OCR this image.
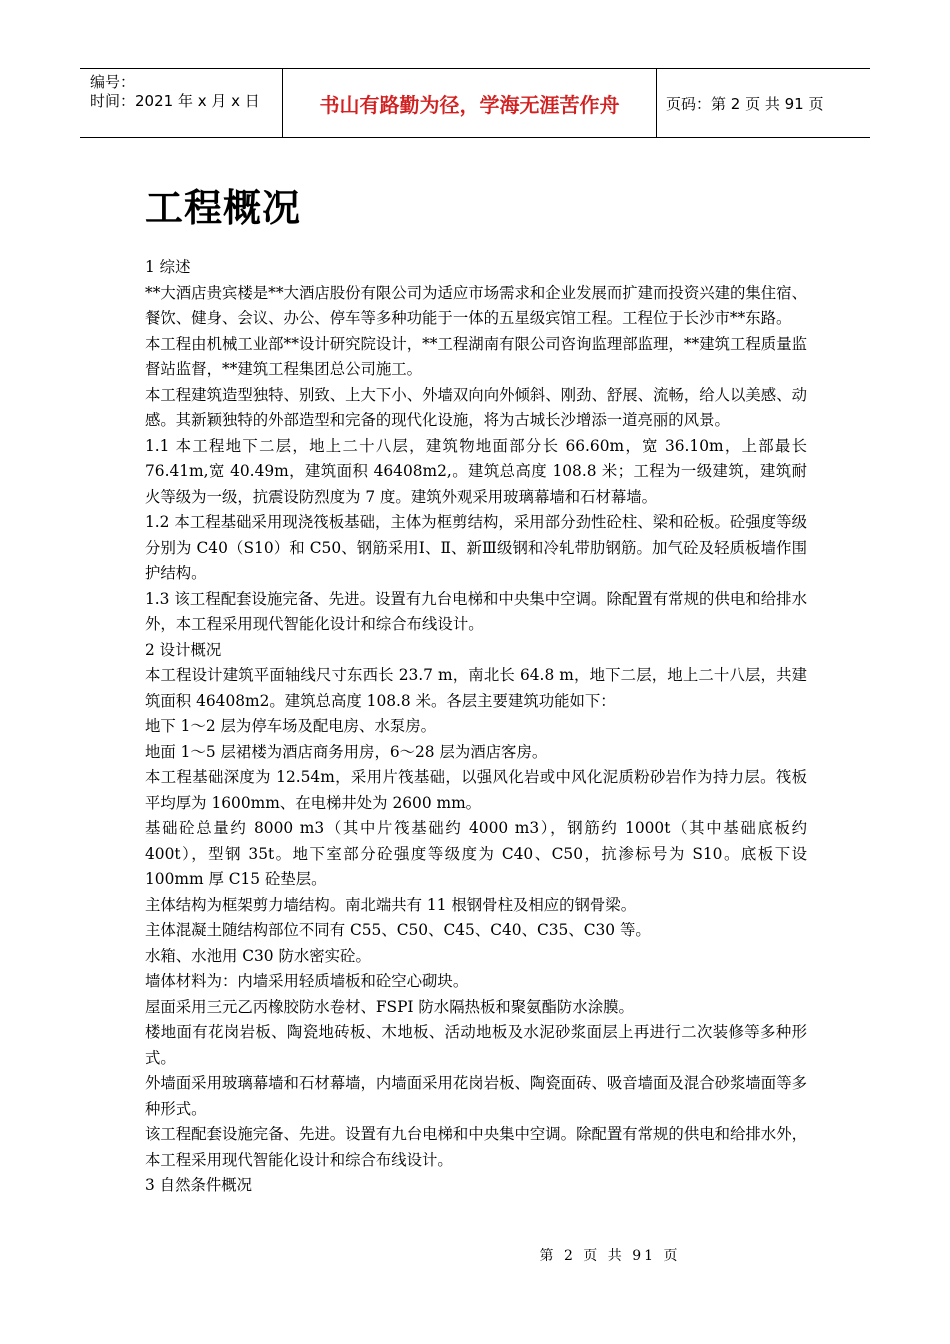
编号：
时间：2021 年 x 月 x 日	书山有路勤为径，学海无涯苦作舟	页码：第 2 页 共 91 页
工程概况

1 综述

**大酒店贵宾楼是**大酒店股份有限公司为适应市场需求和企业发展而扩建而投资兴建的集住宿、餐饮、健身、会议、办公、停车等多种功能于一体的五星级宾馆工程。工程位于长沙市**东路。

本工程由机械工业部**设计研究院设计，**工程湖南有限公司咨询监理部监理，**建筑工程质量监督站监督，**建筑工程集团总公司施工。

本工程建筑造型独特、别致、上大下小、外墙双向向外倾斜、刚劲、舒展、流畅，给人以美感、动感。其新颖独特的外部造型和完备的现代化设施，将为古城长沙增添一道亮丽的风景。

1.1 本工程地下二层，地上二十八层，建筑物地面部分长 66.60m，宽 36.10m，上部最长 76.41m,宽 40.49m，建筑面积 46408m2,。建筑总高度 108.8 米；工程为一级建筑，建筑耐火等级为一级，抗震设防烈度为 7 度。建筑外观采用玻璃幕墙和石材幕墙。

1.2 本工程基础采用现浇筏板基础，主体为框剪结构，采用部分劲性砼柱、梁和砼板。砼强度等级分别为 C40（S10）和 C50、钢筋采用Ⅰ、Ⅱ、新Ⅲ级钢和冷轧带肋钢筋。加气砼及轻质板墙作围护结构。

1.3 该工程配套设施完备、先进。设置有九台电梯和中央集中空调。除配置有常规的供电和给排水外，本工程采用现代智能化设计和综合布线设计。

2 设计概况

本工程设计建筑平面轴线尺寸东西长 23.7 m，南北长 64.8 m，地下二层，地上二十八层，共建筑面积 46408m2。建筑总高度 108.8 米。各层主要建筑功能如下：

地下 1～2 层为停车场及配电房、水泵房。

地面 1～5 层裙楼为酒店商务用房，6～28 层为酒店客房。

本工程基础深度为 12.54m，采用片筏基础，以强风化岩或中风化泥质粉砂岩作为持力层。筏板平均厚为 1600mm、在电梯井处为 2600 mm。

基础砼总量约 8000 m3（其中片筏基础约 4000 m3），钢筋约 1000t（其中基础底板约 400t），型钢 35t。地下室部分砼强度等级度为 C40、C50，抗渗标号为 S10。底板下设 100mm 厚 C15 砼垫层。

主体结构为框架剪力墙结构。南北端共有 11 根钢骨柱及相应的钢骨梁。

主体混凝土随结构部位不同有 C55、C50、C45、C40、C35、C30 等。

水箱、水池用 C30 防水密实砼。

墙体材料为：内墙采用轻质墙板和砼空心砌块。

屋面采用三元乙丙橡胶防水卷材、FSPI 防水隔热板和聚氨酯防水涂膜。

楼地面有花岗岩板、陶瓷地砖板、木地板、活动地板及水泥砂浆面层上再进行二次装修等多种形式。

外墙面采用玻璃幕墙和石材幕墙，内墙面采用花岗岩板、陶瓷面砖、吸音墙面及混合砂浆墙面等多种形式。

该工程配套设施完备、先进。设置有九台电梯和中央集中空调。除配置有常规的供电和给排水外，本工程采用现代智能化设计和综合布线设计。

3 自然条件概况

第 2 页 共 91 页
